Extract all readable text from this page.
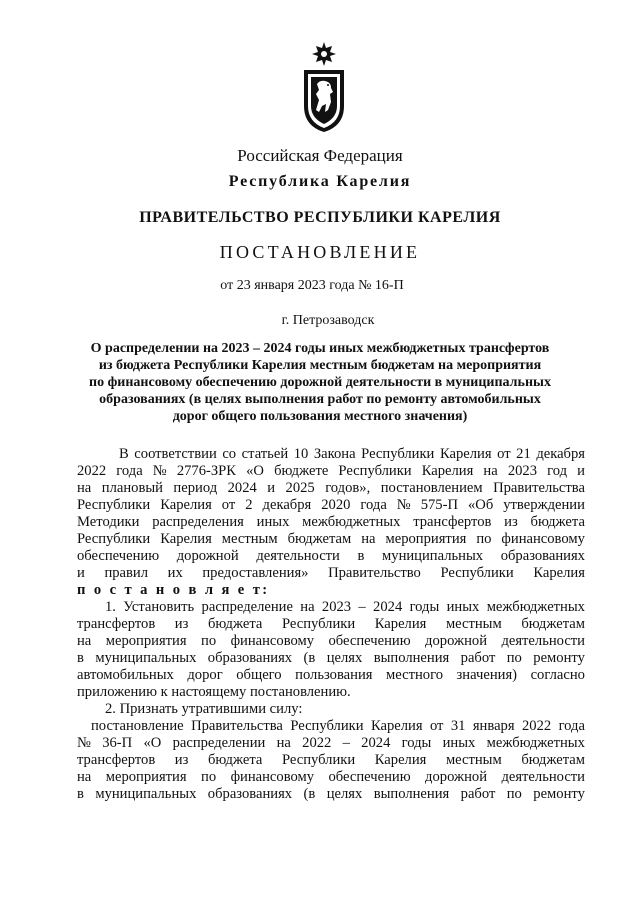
Российская Федерация
Республика Карелия
ПРАВИТЕЛЬСТВО РЕСПУБЛИКИ КАРЕЛИЯ
ПОСТАНОВЛЕНИЕ
от 23 января 2023 года № 16-П
г. Петрозаводск
О распределении на 2023 – 2024 годы иных межбюджетных трансфертов
из бюджета Республики Карелия местным бюджетам на мероприятия
по финансовому обеспечению дорожной деятельности в муниципальных
образованиях (в целях выполнения работ по ремонту автомобильных
дорог общего пользования местного значения)
В соответствии со статьей 10 Закона Республики Карелия от 21 декабря
2022 года № 2776-ЗРК «О бюджете Республики Карелия на 2023 год и
на плановый период 2024 и 2025 годов», постановлением Правительства
Республики Карелия от 2 декабря 2020 года № 575-П «Об утверждении
Методики распределения иных межбюджетных трансфертов из бюджета
Республики Карелия местным бюджетам на мероприятия по финансовому
обеспечению дорожной деятельности в муниципальных образованиях
и правил их предоставления» Правительство Республики Карелия
п о с т а н о в л я е т:
1. Установить распределение на 2023 – 2024 годы иных межбюджетных
трансфертов из бюджета Республики Карелия местным бюджетам
на мероприятия по финансовому обеспечению дорожной деятельности
в муниципальных образованиях (в целях выполнения работ по ремонту
автомобильных дорог общего пользования местного значения) согласно
приложению к настоящему постановлению.
2. Признать утратившими силу:
постановление Правительства Республики Карелия от 31 января 2022 года
№ 36-П «О распределении на 2022 – 2024 годы иных межбюджетных
трансфертов из бюджета Республики Карелия местным бюджетам
на мероприятия по финансовому обеспечению дорожной деятельности
в муниципальных образованиях (в целях выполнения работ по ремонту
